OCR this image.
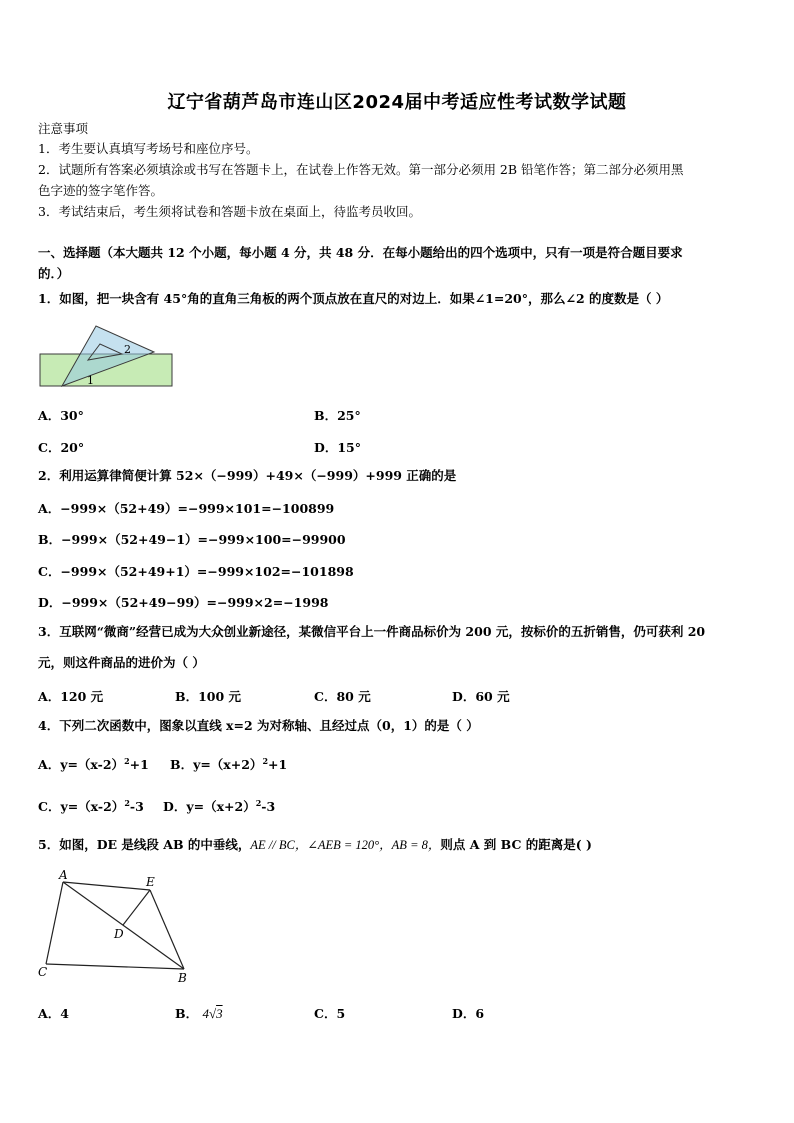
辽宁省葫芦岛市连山区2024届中考适应性考试数学试题
注意事项
1．考生要认真填写考场号和座位序号。
2．试题所有答案必须填涂或书写在答题卡上，在试卷上作答无效。第一部分必须用 2B 铅笔作答；第二部分必须用黑
色字迹的签字笔作答。
3．考试结束后，考生须将试卷和答题卡放在桌面上，待监考员收回。
一、选择题（本大题共 12 个小题，每小题 4 分，共 48 分．在每小题给出的四个选项中，只有一项是符合题目要求
的．）
1．如图，把一块含有 45°角的直角三角板的两个顶点放在直尺的对边上．如果∠1=20°，那么∠2 的度数是（ ）
2
1
A．30°	B．25°
C．20°	D．15°
2．利用运算律简便计算 52×（−999）+49×（−999）+999 正确的是
A．−999×（52+49）=−999×101=−100899
B．−999×（52+49−1）=−999×100=−99900
C．−999×（52+49+1）=−999×102=−101898
D．−999×（52+49−99）=−999×2=−1998
3．互联网“微商”经营已成为大众创业新途径，某微信平台上一件商品标价为 200 元，按标价的五折销售，仍可获利 20
元，则这件商品的进价为（ ）
A．120 元	B．100 元	C．80 元	D．60 元
4．下列二次函数中，图象以直线 x=2 为对称轴、且经过点（0，1）的是（ ）
A．$y=(x-2)^2+1$ B．$y=(x+2)^2+1$
C．$y=(x-2)^2-3$ D．$y=(x+2)^2-3$
5．如图，DE 是线段 AB 的中垂线，AE // BC，∠AEB = 120°，AB = 8，则点 A 到 BC 的距离是( )
A	E
D
C	B
A．4	B． 4√3	C．5	D．6
